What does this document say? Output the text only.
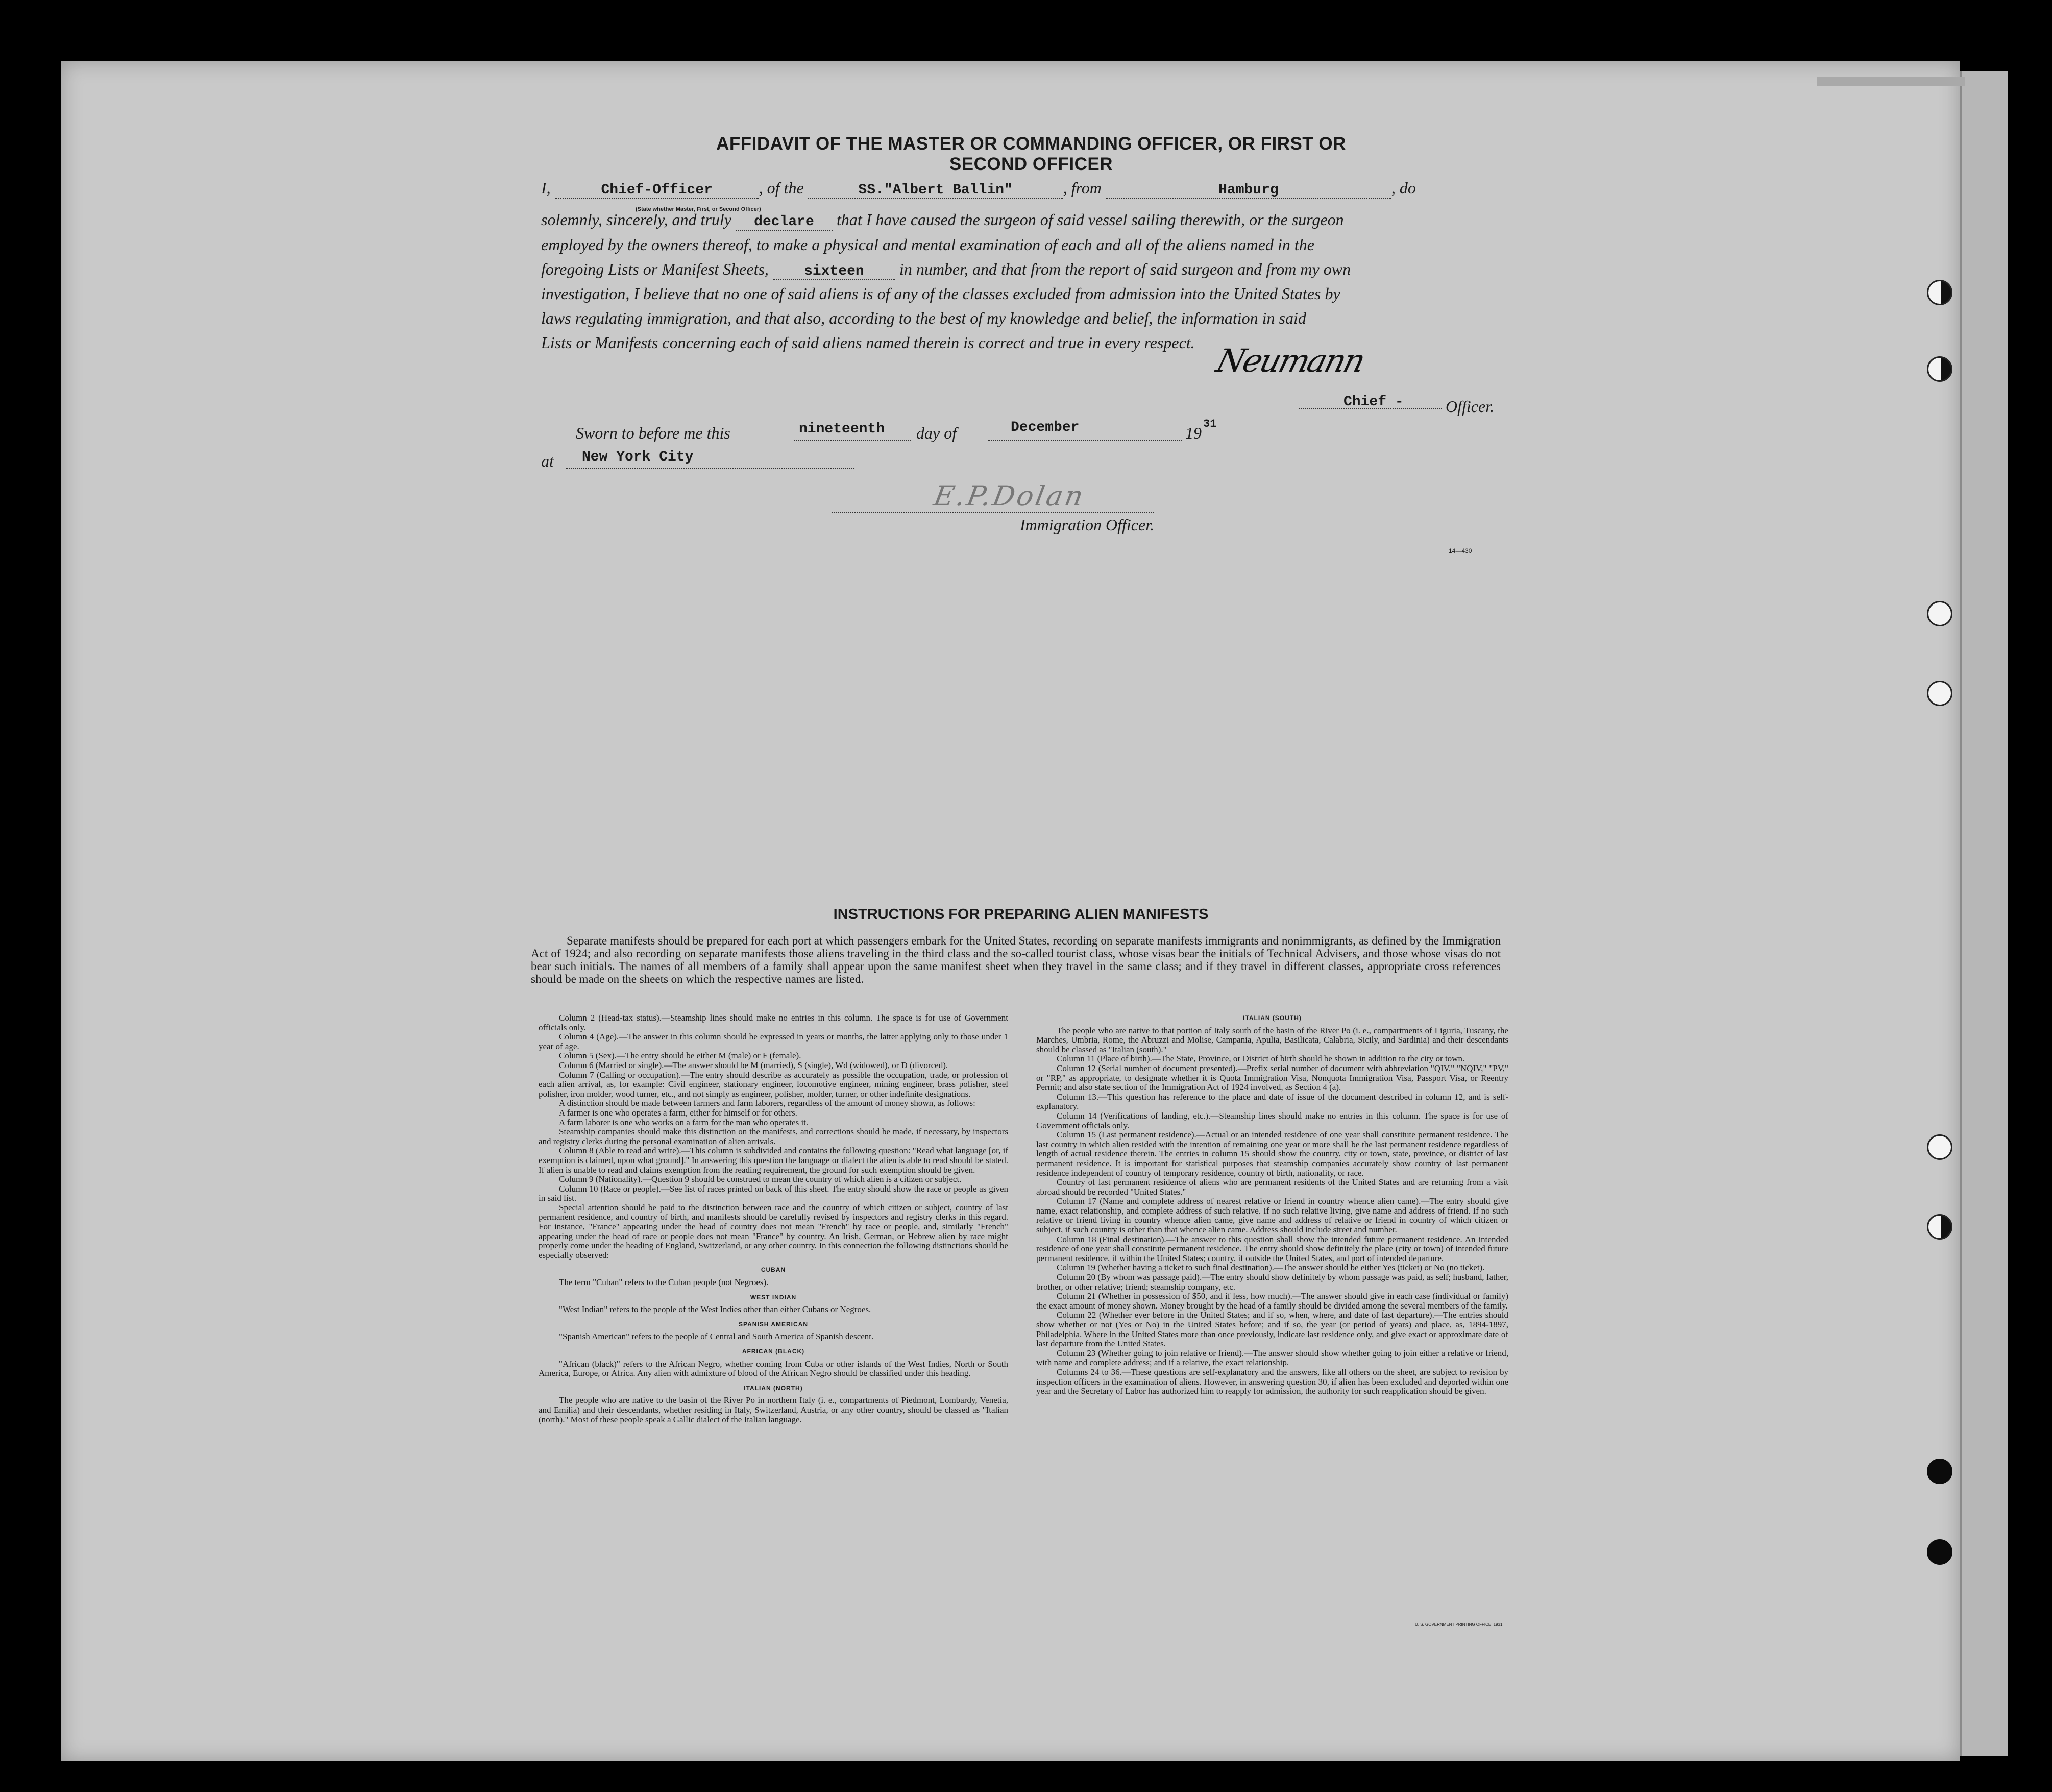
AFFIDAVIT OF THE MASTER OR COMMANDING OFFICER, OR FIRST OR SECOND OFFICER
I,	Chief-Officer	, of the	SS."Albert Ballin"	, from	Hamburg	, do
(State whether Master, First, or Second Officer)
solemnly, sincerely, and truly declare that I have caused the surgeon of said vessel sailing therewith, or the surgeon
employed by the owners thereof, to make a physical and mental examination of each and all of the aliens named in the
foregoing Lists or Manifest Sheets, sixteen in number, and that from the report of said surgeon and from my own
investigation, I believe that no one of said aliens is of any of the classes excluded from admission into the United States by
laws regulating immigration, and that also, according to the best of my knowledge and belief, the information in said
Lists or Manifests concerning each of said aliens named therein is correct and true in every respect. Neumann
Chief -	Officer.
Sworn to before me this	nineteenth day of	December	19 31
at New York City
E.P.Dolan
Immigration Officer.
14—430
INSTRUCTIONS FOR PREPARING ALIEN MANIFESTS
Separate manifests should be prepared for each port at which passengers embark for the United States, recording on separate manifests immigrants and nonimmigrants, as defined by the Immigration Act of 1924; and also recording on separate manifests those aliens traveling in the third class and the so-called tourist class, whose visas bear the initials of Technical Advisers, and those whose visas do not bear such initials. The names of all members of a family shall appear upon the same manifest sheet when they travel in the same class; and if they travel in different classes, appropriate cross references should be made on the sheets on which the respective names are listed.

Column 2 (Head-tax status).—Steamship lines should make no entries in this column. The space is for use of Government officials only.

Column 4 (Age).—The answer in this column should be expressed in years or months, the latter applying only to those under 1 year of age.

Column 5 (Sex).—The entry should be either M (male) or F (female).

Column 6 (Married or single).—The answer should be M (married), S (single), Wd (widowed), or D (divorced).

Column 7 (Calling or occupation).—The entry should describe as accurately as possible the occupation, trade, or profession of each alien arrival, as, for example: Civil engineer, stationary engineer, locomotive engineer, mining engineer, brass polisher, steel polisher, iron molder, wood turner, etc., and not simply as engineer, polisher, molder, turner, or other indefinite designations.

A distinction should be made between farmers and farm laborers, regardless of the amount of money shown, as follows:

A farmer is one who operates a farm, either for himself or for others.

A farm laborer is one who works on a farm for the man who operates it.

Steamship companies should make this distinction on the manifests, and corrections should be made, if necessary, by inspectors and registry clerks during the personal examination of alien arrivals.

Column 8 (Able to read and write).—This column is subdivided and contains the following question: "Read what language [or, if exemption is claimed, upon what ground]." In answering this question the language or dialect the alien is able to read should be stated. If alien is unable to read and claims exemption from the reading requirement, the ground for such exemption should be given.

Column 9 (Nationality).—Question 9 should be construed to mean the country of which alien is a citizen or subject.

Column 10 (Race or people).—See list of races printed on back of this sheet. The entry should show the race or people as given in said list.

Special attention should be paid to the distinction between race and the country of which citizen or subject, country of last permanent residence, and country of birth, and manifests should be carefully revised by inspectors and registry clerks in this regard. For instance, "France" appearing under the head of country does not mean "French" by race or people, and, similarly "French" appearing under the head of race or people does not mean "France" by country. An Irish, German, or Hebrew alien by race might properly come under the heading of England, Switzerland, or any other country. In this connection the following distinctions should be especially observed:

CUBAN

The term "Cuban" refers to the Cuban people (not Negroes).

WEST INDIAN

"West Indian" refers to the people of the West Indies other than either Cubans or Negroes.

SPANISH AMERICAN

"Spanish American" refers to the people of Central and South America of Spanish descent.

AFRICAN (BLACK)

"African (black)" refers to the African Negro, whether coming from Cuba or other islands of the West Indies, North or South America, Europe, or Africa. Any alien with admixture of blood of the African Negro should be classified under this heading.

ITALIAN (NORTH)

The people who are native to the basin of the River Po in northern Italy (i. e., compartments of Piedmont, Lombardy, Venetia, and Emilia) and their descendants, whether residing in Italy, Switzerland, Austria, or any other country, should be classed as "Italian (north)." Most of these people speak a Gallic dialect of the Italian language.

ITALIAN (SOUTH)

The people who are native to that portion of Italy south of the basin of the River Po (i. e., compartments of Liguria, Tuscany, the Marches, Umbria, Rome, the Abruzzi and Molise, Campania, Apulia, Basilicata, Calabria, Sicily, and Sardinia) and their descendants should be classed as "Italian (south)."

Column 11 (Place of birth).—The State, Province, or District of birth should be shown in addition to the city or town.

Column 12 (Serial number of document presented).—Prefix serial number of document with abbreviation "QIV," "NQIV," "PV," or "RP," as appropriate, to designate whether it is Quota Immigration Visa, Nonquota Immigration Visa, Passport Visa, or Reentry Permit; and also state section of the Immigration Act of 1924 involved, as Section 4 (a).

Column 13.—This question has reference to the place and date of issue of the document described in column 12, and is self-explanatory.

Column 14 (Verifications of landing, etc.).—Steamship lines should make no entries in this column. The space is for use of Government officials only.

Column 15 (Last permanent residence).—Actual or an intended residence of one year shall constitute permanent residence. The last country in which alien resided with the intention of remaining one year or more shall be the last permanent residence regardless of length of actual residence therein. The entries in column 15 should show the country, city or town, state, province, or district of last permanent residence. It is important for statistical purposes that steamship companies accurately show country of last permanent residence independent of country of temporary residence, country of birth, nationality, or race.

Country of last permanent residence of aliens who are permanent residents of the United States and are returning from a visit abroad should be recorded "United States."

Column 17 (Name and complete address of nearest relative or friend in country whence alien came).—The entry should give name, exact relationship, and complete address of such relative. If no such relative living, give name and address of friend. If no such relative or friend living in country whence alien came, give name and address of relative or friend in country of which citizen or subject, if such country is other than that whence alien came. Address should include street and number.

Column 18 (Final destination).—The answer to this question shall show the intended future permanent residence. An intended residence of one year shall constitute permanent residence. The entry should show definitely the place (city or town) of intended future permanent residence, if within the United States; country, if outside the United States, and port of intended departure.

Column 19 (Whether having a ticket to such final destination).—The answer should be either Yes (ticket) or No (no ticket).

Column 20 (By whom was passage paid).—The entry should show definitely by whom passage was paid, as self; husband, father, brother, or other relative; friend; steamship company, etc.

Column 21 (Whether in possession of $50, and if less, how much).—The answer should give in each case (individual or family) the exact amount of money shown. Money brought by the head of a family should be divided among the several members of the family.

Column 22 (Whether ever before in the United States; and if so, when, where, and date of last departure).—The entries should show whether or not (Yes or No) in the United States before; and if so, the year (or period of years) and place, as, 1894-1897, Philadelphia. Where in the United States more than once previously, indicate last residence only, and give exact or approximate date of last departure from the United States.

Column 23 (Whether going to join relative or friend).—The answer should show whether going to join either a relative or friend, with name and complete address; and if a relative, the exact relationship.

Columns 24 to 36.—These questions are self-explanatory and the answers, like all others on the sheet, are subject to revision by inspection officers in the examination of aliens. However, in answering question 30, if alien has been excluded and deported within one year and the Secretary of Labor has authorized him to reapply for admission, the authority for such reapplication should be given.

U. S. GOVERNMENT PRINTING OFFICE: 1931
